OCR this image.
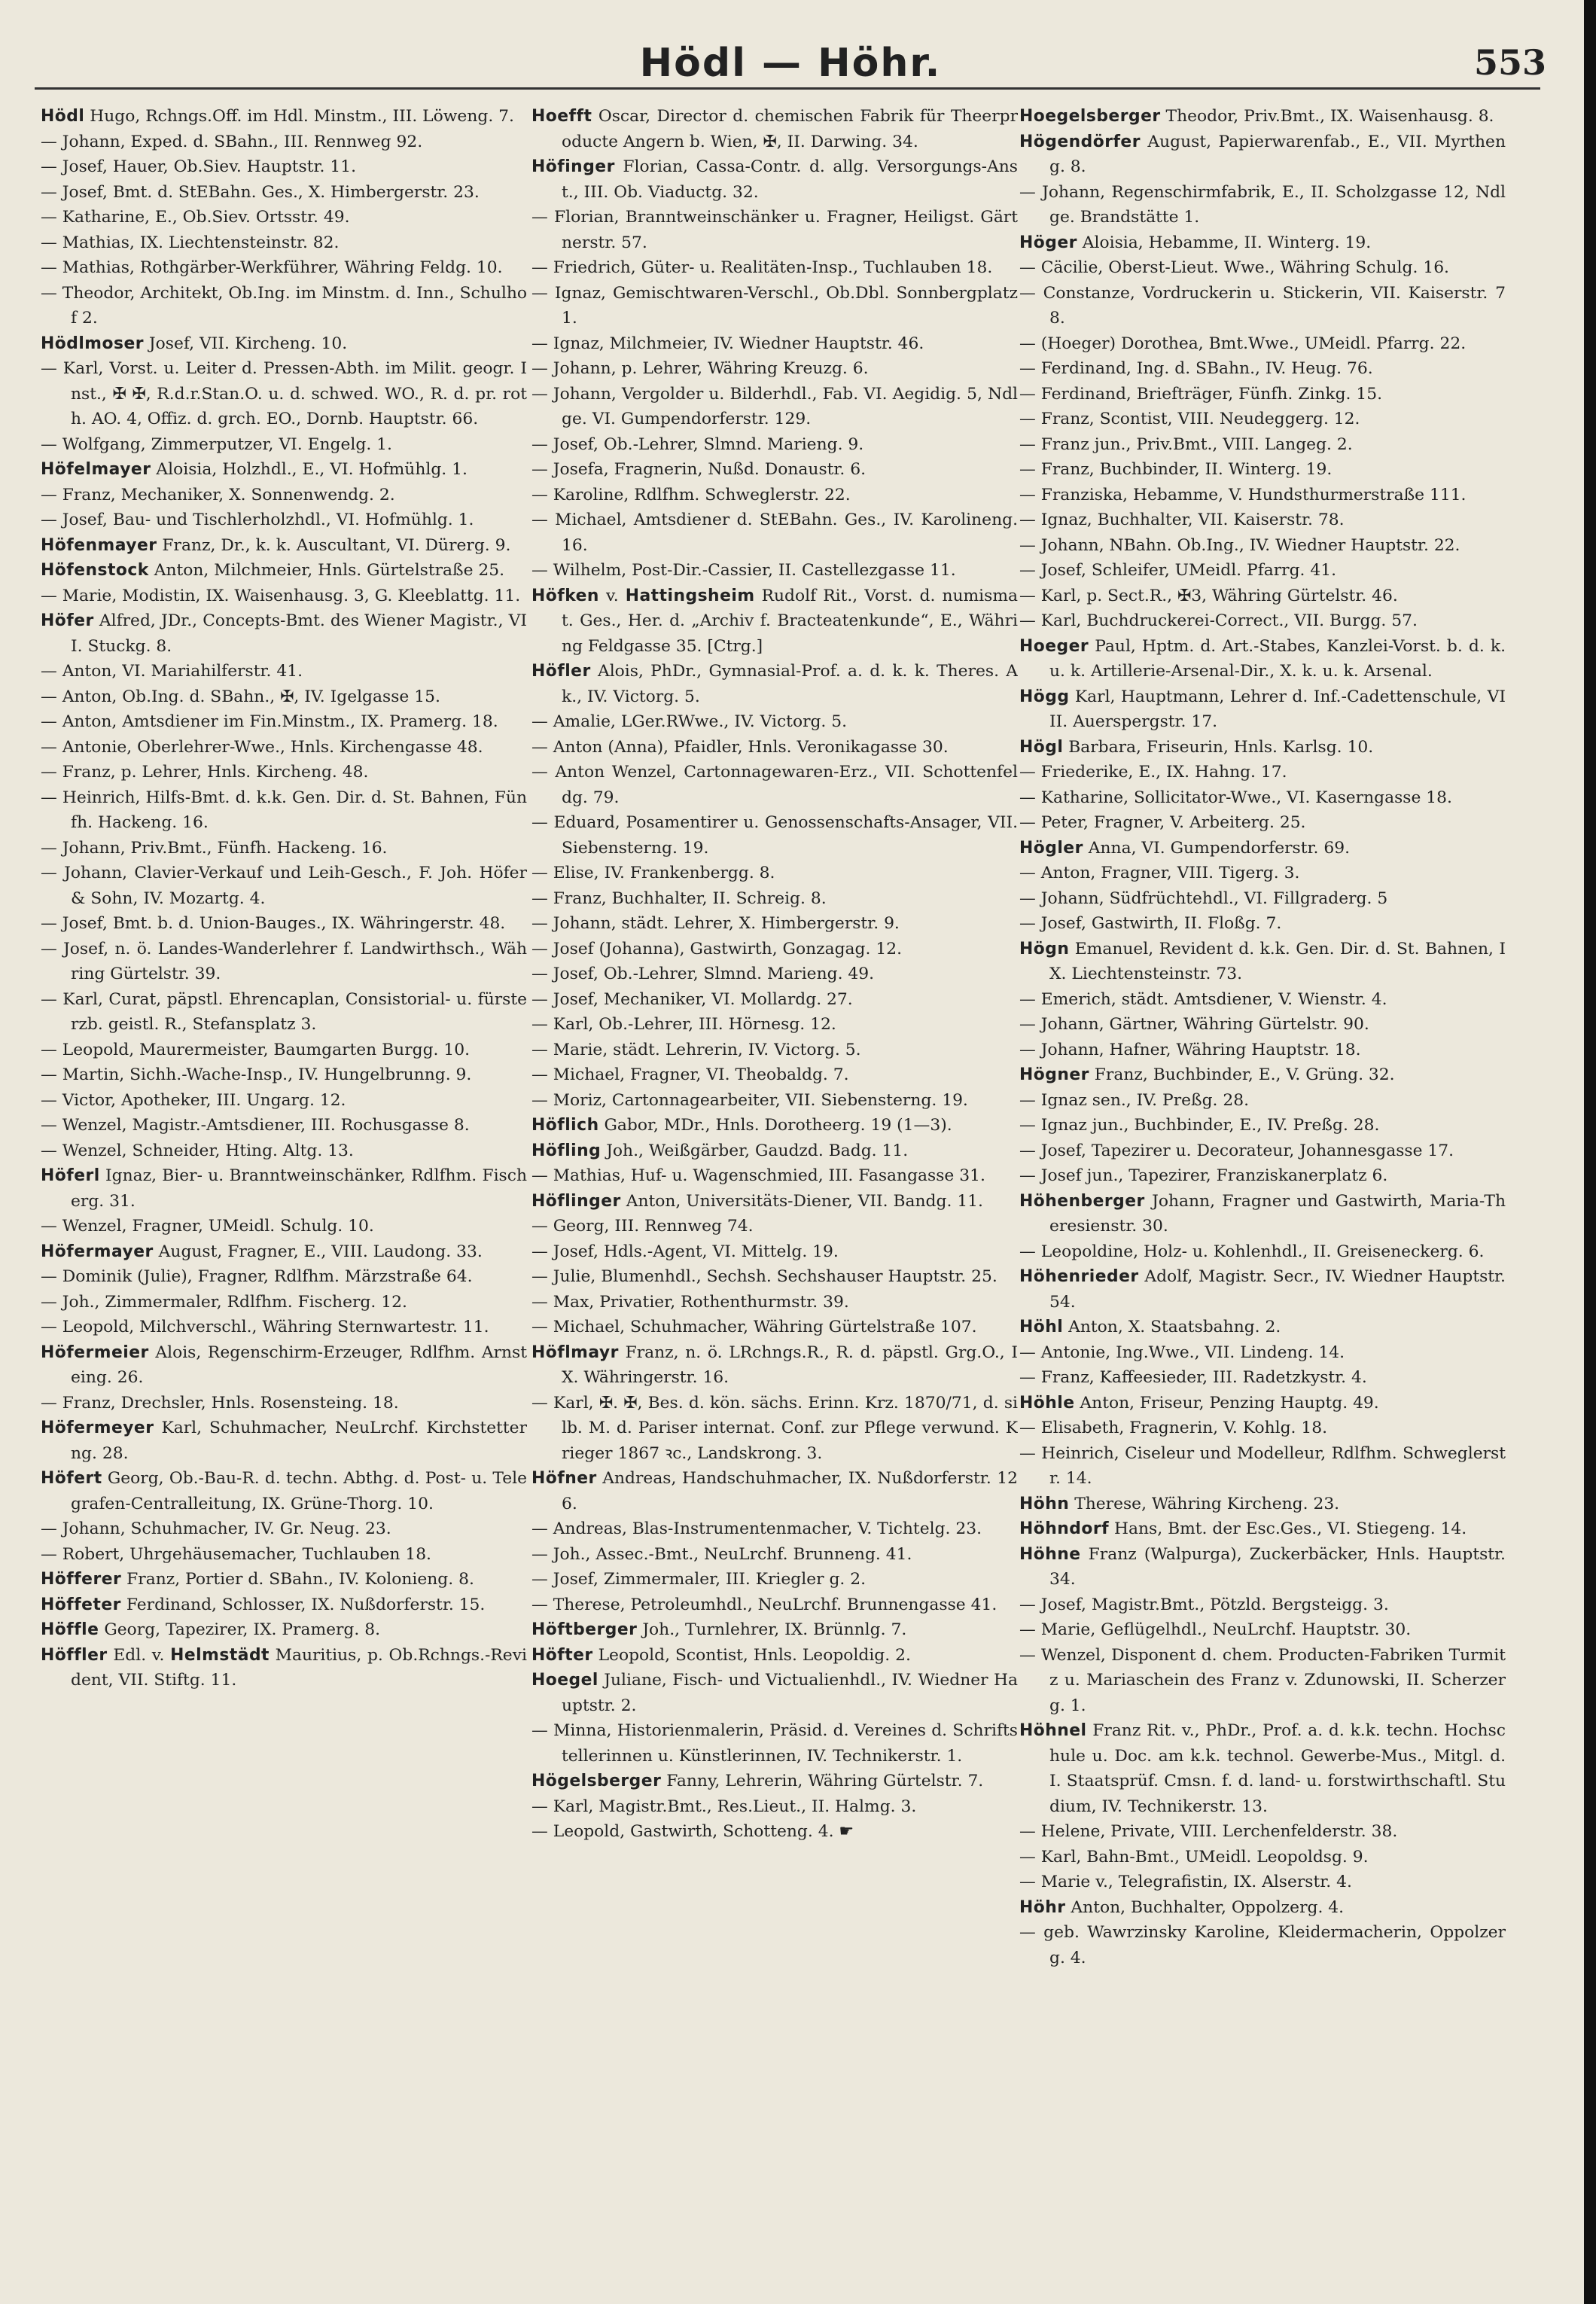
Hödl — Höhr.	553

Hödl Hugo, Rchngs.Off. im Hdl. Minstm., III. Löweng. 7.

— Johann, Exped. d. SBahn., III. Rennweg 92.

— Josef, Hauer, Ob.Siev. Hauptstr. 11.

— Josef, Bmt. d. StEBahn. Ges., X. Himbergerstr. 23.

— Katharine, E., Ob.Siev. Ortsstr. 49.

— Mathias, IX. Liechtensteinstr. 82.

— Mathias, Rothgärber-Werkführer, Währing Feldg. 10.

— Theodor, Architekt, Ob.Ing. im Minstm. d. Inn., Schulhof 2.

Hödlmoser Josef, VII. Kircheng. 10.

— Karl, Vorst. u. Leiter d. Pressen-Abth. im Milit. geogr. Inst., ✠ ✠, R.d.r.Stan.O. u. d. schwed. WO., R. d. pr. roth. AO. 4, Offiz. d. grch. EO., Dornb. Hauptstr. 66.

— Wolfgang, Zimmerputzer, VI. Engelg. 1.

Höfelmayer Aloisia, Holzhdl., E., VI. Hofmühlg. 1.

— Franz, Mechaniker, X. Sonnenwendg. 2.

— Josef, Bau- und Tischlerholzhdl., VI. Hofmühlg. 1.

Höfenmayer Franz, Dr., k. k. Auscultant, VI. Dürerg. 9.

Höfenstock Anton, Milchmeier, Hnls. Gürtelstraße 25.

— Marie, Modistin, IX. Waisenhausg. 3, G. Kleeblattg. 11.

Höfer Alfred, JDr., Concepts-Bmt. des Wiener Magistr., VII. Stuckg. 8.

— Anton, VI. Mariahilferstr. 41.

— Anton, Ob.Ing. d. SBahn., ✠, IV. Igelgasse 15.

— Anton, Amtsdiener im Fin.Minstm., IX. Pramerg. 18.

— Antonie, Oberlehrer-Wwe., Hnls. Kirchengasse 48.

— Franz, p. Lehrer, Hnls. Kircheng. 48.

— Heinrich, Hilfs-Bmt. d. k.k. Gen. Dir. d. St. Bahnen, Fünfh. Hackeng. 16.

— Johann, Priv.Bmt., Fünfh. Hackeng. 16.

— Johann, Clavier-Verkauf und Leih-Gesch., F. Joh. Höfer & Sohn, IV. Mozartg. 4.

— Josef, Bmt. b. d. Union-Bauges., IX. Währingerstr. 48.

— Josef, n. ö. Landes-Wanderlehrer f. Landwirthsch., Währing Gürtelstr. 39.

— Karl, Curat, päpstl. Ehrencaplan, Consistorial- u. fürsterzb. geistl. R., Stefansplatz 3.

— Leopold, Maurermeister, Baumgarten Burgg. 10.

— Martin, Sichh.-Wache-Insp., IV. Hungelbrunng. 9.

— Victor, Apotheker, III. Ungarg. 12.

— Wenzel, Magistr.-Amtsdiener, III. Rochusgasse 8.

— Wenzel, Schneider, Hting. Altg. 13.

Höferl Ignaz, Bier- u. Branntweinschänker, Rdlfhm. Fischerg. 31.

— Wenzel, Fragner, UMeidl. Schulg. 10.

Höfermayer August, Fragner, E., VIII. Laudong. 33.

— Dominik (Julie), Fragner, Rdlfhm. Märzstraße 64.

— Joh., Zimmermaler, Rdlfhm. Fischerg. 12.

— Leopold, Milchverschl., Währing Sternwartestr. 11.

Höfermeier Alois, Regenschirm-Erzeuger, Rdlfhm. Arnsteing. 26.

— Franz, Drechsler, Hnls. Rosensteing. 18.

Höfermeyer Karl, Schuhmacher, NeuLrchf. Kirchstetterng. 28.

Höfert Georg, Ob.-Bau-R. d. techn. Abthg. d. Post- u. Telegrafen-Centralleitung, IX. Grüne-Thorg. 10.

— Johann, Schuhmacher, IV. Gr. Neug. 23.

— Robert, Uhrgehäusemacher, Tuchlauben 18.

Höfferer Franz, Portier d. SBahn., IV. Kolonieng. 8.

Höffeter Ferdinand, Schlosser, IX. Nußdorferstr. 15.

Höffle Georg, Tapezirer, IX. Pramerg. 8.

Höffler Edl. v. Helmstädt Mauritius, p. Ob.Rchngs.-Revident, VII. Stiftg. 11.

Hoefft Oscar, Director d. chemischen Fabrik für Theerproducte Angern b. Wien, ✠, II. Darwing. 34.

Höfinger Florian, Cassa-Contr. d. allg. Versorgungs-Anst., III. Ob. Viaductg. 32.

— Florian, Branntweinschänker u. Fragner, Heiligst. Gärtnerstr. 57.

— Friedrich, Güter- u. Realitäten-Insp., Tuchlauben 18.

— Ignaz, Gemischtwaren-Verschl., Ob.Dbl. Sonnbergplatz 1.

— Ignaz, Milchmeier, IV. Wiedner Hauptstr. 46.

— Johann, p. Lehrer, Währing Kreuzg. 6.

— Johann, Vergolder u. Bilderhdl., Fab. VI. Aegidig. 5, Ndlge. VI. Gumpendorferstr. 129.

— Josef, Ob.-Lehrer, Slmnd. Marieng. 9.

— Josefa, Fragnerin, Nußd. Donaustr. 6.

— Karoline, Rdlfhm. Schweglerstr. 22.

— Michael, Amtsdiener d. StEBahn. Ges., IV. Karolineng. 16.

— Wilhelm, Post-Dir.-Cassier, II. Castellezgasse 11.

Höfken v. Hattingsheim Rudolf Rit., Vorst. d. numismat. Ges., Her. d. „Archiv f. Bracteatenkunde“, E., Währing Feldgasse 35. [Ctrg.]

Höfler Alois, PhDr., Gymnasial-Prof. a. d. k. k. Theres. Ak., IV. Victorg. 5.

— Amalie, LGer.RWwe., IV. Victorg. 5.

— Anton (Anna), Pfaidler, Hnls. Veronikagasse 30.

— Anton Wenzel, Cartonnagewaren-Erz., VII. Schottenfeldg. 79.

— Eduard, Posamentirer u. Genossenschafts-Ansager, VII. Siebensterng. 19.

— Elise, IV. Frankenbergg. 8.

— Franz, Buchhalter, II. Schreig. 8.

— Johann, städt. Lehrer, X. Himbergerstr. 9.

— Josef (Johanna), Gastwirth, Gonzagag. 12.

— Josef, Ob.-Lehrer, Slmnd. Marieng. 49.

— Josef, Mechaniker, VI. Mollardg. 27.

— Karl, Ob.-Lehrer, III. Hörnesg. 12.

— Marie, städt. Lehrerin, IV. Victorg. 5.

— Michael, Fragner, VI. Theobaldg. 7.

— Moriz, Cartonnagearbeiter, VII. Siebensterng. 19.

Höflich Gabor, MDr., Hnls. Dorotheerg. 19 (1—3).

Höfling Joh., Weißgärber, Gaudzd. Badg. 11.

— Mathias, Huf- u. Wagenschmied, III. Fasangasse 31.

Höflinger Anton, Universitäts-Diener, VII. Bandg. 11.

— Georg, III. Rennweg 74.

— Josef, Hdls.-Agent, VI. Mittelg. 19.

— Julie, Blumenhdl., Sechsh. Sechshauser Hauptstr. 25.

— Max, Privatier, Rothenthurmstr. 39.

— Michael, Schuhmacher, Währing Gürtelstraße 107.

Höflmayr Franz, n. ö. LRchngs.R., R. d. päpstl. Grg.O., IX. Währingerstr. 16.

— Karl, ✠. ✠, Bes. d. kön. sächs. Erinn. Krz. 1870/71, d. silb. M. d. Pariser internat. Conf. zur Pflege verwund. Krieger 1867 ꝛc., Landskrong. 3.

Höfner Andreas, Handschuhmacher, IX. Nußdorferstr. 126.

— Andreas, Blas-Instrumentenmacher, V. Tichtelg. 23.

— Joh., Assec.-Bmt., NeuLrchf. Brunneng. 41.

— Josef, Zimmermaler, III. Kriegler g. 2.

— Therese, Petroleumhdl., NeuLrchf. Brunnengasse 41.

Höftberger Joh., Turnlehrer, IX. Brünnlg. 7.

Höfter Leopold, Scontist, Hnls. Leopoldig. 2.

Hoegel Juliane, Fisch- und Victualienhdl., IV. Wiedner Hauptstr. 2.

— Minna, Historienmalerin, Präsid. d. Vereines d. Schriftstellerinnen u. Künstlerinnen, IV. Technikerstr. 1.

Högelsberger Fanny, Lehrerin, Währing Gürtelstr. 7.

— Karl, Magistr.Bmt., Res.Lieut., II. Halmg. 3.

— Leopold, Gastwirth, Schotteng. 4. ☛

Hoegelsberger Theodor, Priv.Bmt., IX. Waisenhausg. 8.

Högendörfer August, Papierwarenfab., E., VII. Myrtheng. 8.

— Johann, Regenschirmfabrik, E., II. Scholzgasse 12, Ndlge. Brandstätte 1.

Höger Aloisia, Hebamme, II. Winterg. 19.

— Cäcilie, Oberst-Lieut. Wwe., Währing Schulg. 16.

— Constanze, Vordruckerin u. Stickerin, VII. Kaiserstr. 78.

— (Hoeger) Dorothea, Bmt.Wwe., UMeidl. Pfarrg. 22.

— Ferdinand, Ing. d. SBahn., IV. Heug. 76.

— Ferdinand, Briefträger, Fünfh. Zinkg. 15.

— Franz, Scontist, VIII. Neudeggerg. 12.

— Franz jun., Priv.Bmt., VIII. Langeg. 2.

— Franz, Buchbinder, II. Winterg. 19.

— Franziska, Hebamme, V. Hundsthurmerstraße 111.

— Ignaz, Buchhalter, VII. Kaiserstr. 78.

— Johann, NBahn. Ob.Ing., IV. Wiedner Hauptstr. 22.

— Josef, Schleifer, UMeidl. Pfarrg. 41.

— Karl, p. Sect.R., ✠3, Währing Gürtelstr. 46.

— Karl, Buchdruckerei-Correct., VII. Burgg. 57.

Hoeger Paul, Hptm. d. Art.-Stabes, Kanzlei-Vorst. b. d. k. u. k. Artillerie-Arsenal-Dir., X. k. u. k. Arsenal.

Högg Karl, Hauptmann, Lehrer d. Inf.-Cadettenschule, VIII. Auerspergstr. 17.

Högl Barbara, Friseurin, Hnls. Karlsg. 10.

— Friederike, E., IX. Hahng. 17.

— Katharine, Sollicitator-Wwe., VI. Kaserngasse 18.

— Peter, Fragner, V. Arbeiterg. 25.

Högler Anna, VI. Gumpendorferstr. 69.

— Anton, Fragner, VIII. Tigerg. 3.

— Johann, Südfrüchtehdl., VI. Fillgraderg. 5

— Josef, Gastwirth, II. Floßg. 7.

Högn Emanuel, Revident d. k.k. Gen. Dir. d. St. Bahnen, IX. Liechtensteinstr. 73.

— Emerich, städt. Amtsdiener, V. Wienstr. 4.

— Johann, Gärtner, Währing Gürtelstr. 90.

— Johann, Hafner, Währing Hauptstr. 18.

Högner Franz, Buchbinder, E., V. Grüng. 32.

— Ignaz sen., IV. Preßg. 28.

— Ignaz jun., Buchbinder, E., IV. Preßg. 28.

— Josef, Tapezirer u. Decorateur, Johannesgasse 17.

— Josef jun., Tapezirer, Franziskanerplatz 6.

Höhenberger Johann, Fragner und Gastwirth, Maria-Theresienstr. 30.

— Leopoldine, Holz- u. Kohlenhdl., II. Greiseneckerg. 6.

Höhenrieder Adolf, Magistr. Secr., IV. Wiedner Hauptstr. 54.

Höhl Anton, X. Staatsbahng. 2.

— Antonie, Ing.Wwe., VII. Lindeng. 14.

— Franz, Kaffeesieder, III. Radetzkystr. 4.

Höhle Anton, Friseur, Penzing Hauptg. 49.

— Elisabeth, Fragnerin, V. Kohlg. 18.

— Heinrich, Ciseleur und Modelleur, Rdlfhm. Schweglerstr. 14.

Höhn Therese, Währing Kircheng. 23.

Höhndorf Hans, Bmt. der Esc.Ges., VI. Stiegeng. 14.

Höhne Franz (Walpurga), Zuckerbäcker, Hnls. Hauptstr. 34.

— Josef, Magistr.Bmt., Pötzld. Bergsteigg. 3.

— Marie, Geflügelhdl., NeuLrchf. Hauptstr. 30.

— Wenzel, Disponent d. chem. Producten-Fabriken Turmitz u. Mariaschein des Franz v. Zdunowski, II. Scherzerg. 1.

Höhnel Franz Rit. v., PhDr., Prof. a. d. k.k. techn. Hochschule u. Doc. am k.k. technol. Gewerbe-Mus., Mitgl. d. I. Staatsprüf. Cmsn. f. d. land- u. forstwirthschaftl. Studium, IV. Technikerstr. 13.

— Helene, Private, VIII. Lerchenfelderstr. 38.

— Karl, Bahn-Bmt., UMeidl. Leopoldsg. 9.

— Marie v., Telegrafistin, IX. Alserstr. 4.

Höhr Anton, Buchhalter, Oppolzerg. 4.

— geb. Wawrzinsky Karoline, Kleidermacherin, Oppolzerg. 4.
